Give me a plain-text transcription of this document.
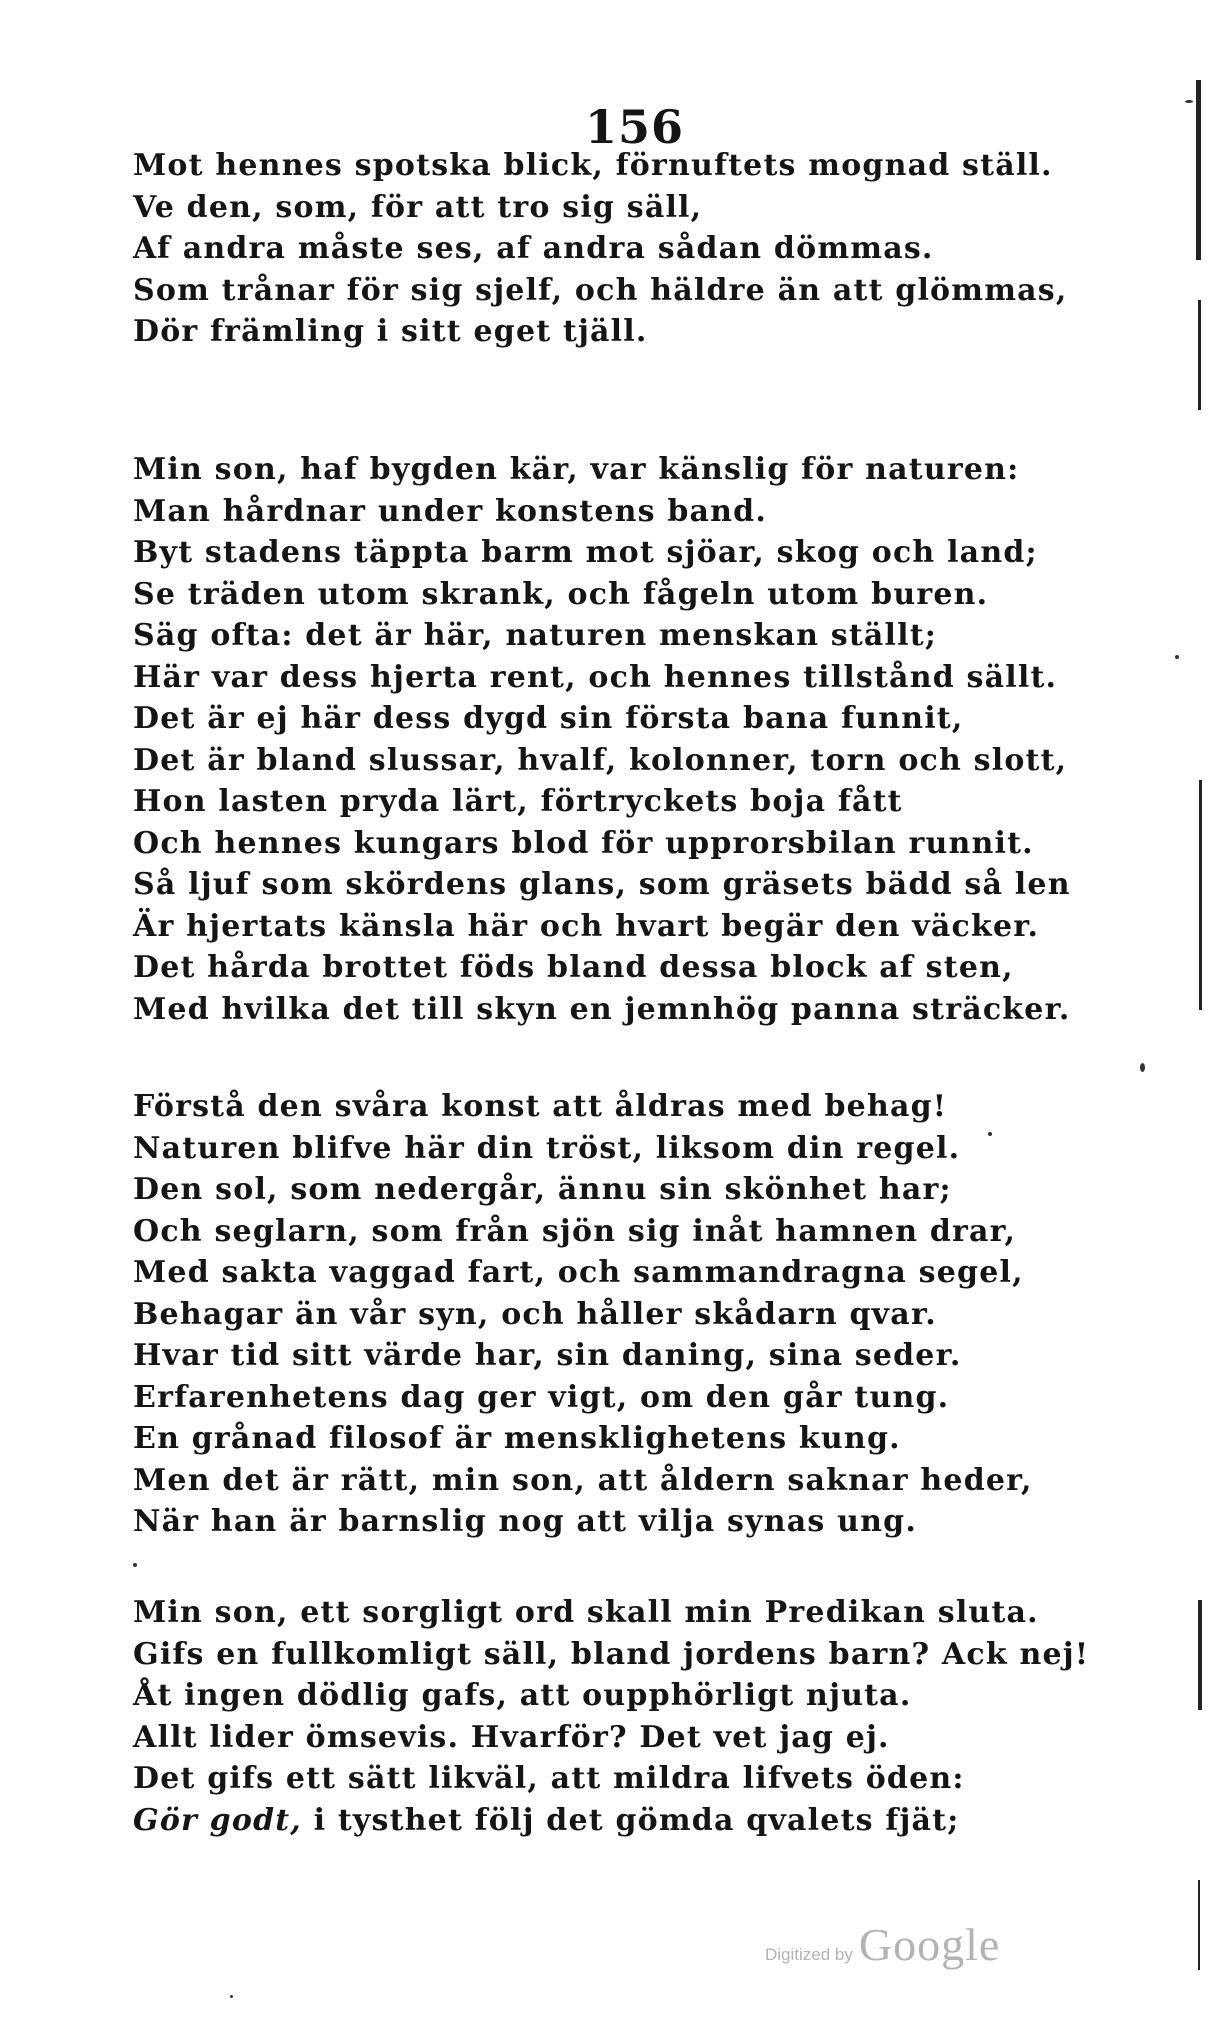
156
Mot hennes spotska blick, förnuftets mognad ställ.
Ve den, som, för att tro sig säll,
Af andra måste ses, af andra sådan dömmas.
Som trånar för sig sjelf, och häldre än att glömmas,
Dör främling i sitt eget tjäll.
Min son, haf bygden kär, var känslig för naturen:
Man hårdnar under konstens band.
Byt stadens täppta barm mot sjöar, skog och land;
Se träden utom skrank, och fågeln utom buren.
Säg ofta: det är här, naturen menskan ställt;
Här var dess hjerta rent, och hennes tillstånd sällt.
Det är ej här dess dygd sin första bana funnit,
Det är bland slussar, hvalf, kolonner, torn och slott,
Hon lasten pryda lärt, förtryckets boja fått
Och hennes kungars blod för upprorsbilan runnit.
Så ljuf som skördens glans, som gräsets bädd så len
Är hjertats känsla här och hvart begär den väcker.
Det hårda brottet föds bland dessa block af sten,
Med hvilka det till skyn en jemnhög panna sträcker.
Förstå den svåra konst att åldras med behag!
Naturen blifve här din tröst, liksom din regel.
Den sol, som nedergår, ännu sin skönhet har;
Och seglarn, som från sjön sig inåt hamnen drar,
Med sakta vaggad fart, och sammandragna segel,
Behagar än vår syn, och håller skådarn qvar.
Hvar tid sitt värde har, sin daning, sina seder.
Erfarenhetens dag ger vigt, om den går tung.
En grånad filosof är mensklighetens kung.
Men det är rätt, min son, att åldern saknar heder,
När han är barnslig nog att vilja synas ung.
Min son, ett sorgligt ord skall min Predikan sluta.
Gifs en fullkomligt säll, bland jordens barn? Ack nej!
Åt ingen dödlig gafs, att oupphörligt njuta.
Allt lider ömsevis. Hvarför? Det vet jag ej.
Det gifs ett sätt likväl, att mildra lifvets öden:
Gör godt, i tysthet följ det gömda qvalets fjät;
Digitized by Google
